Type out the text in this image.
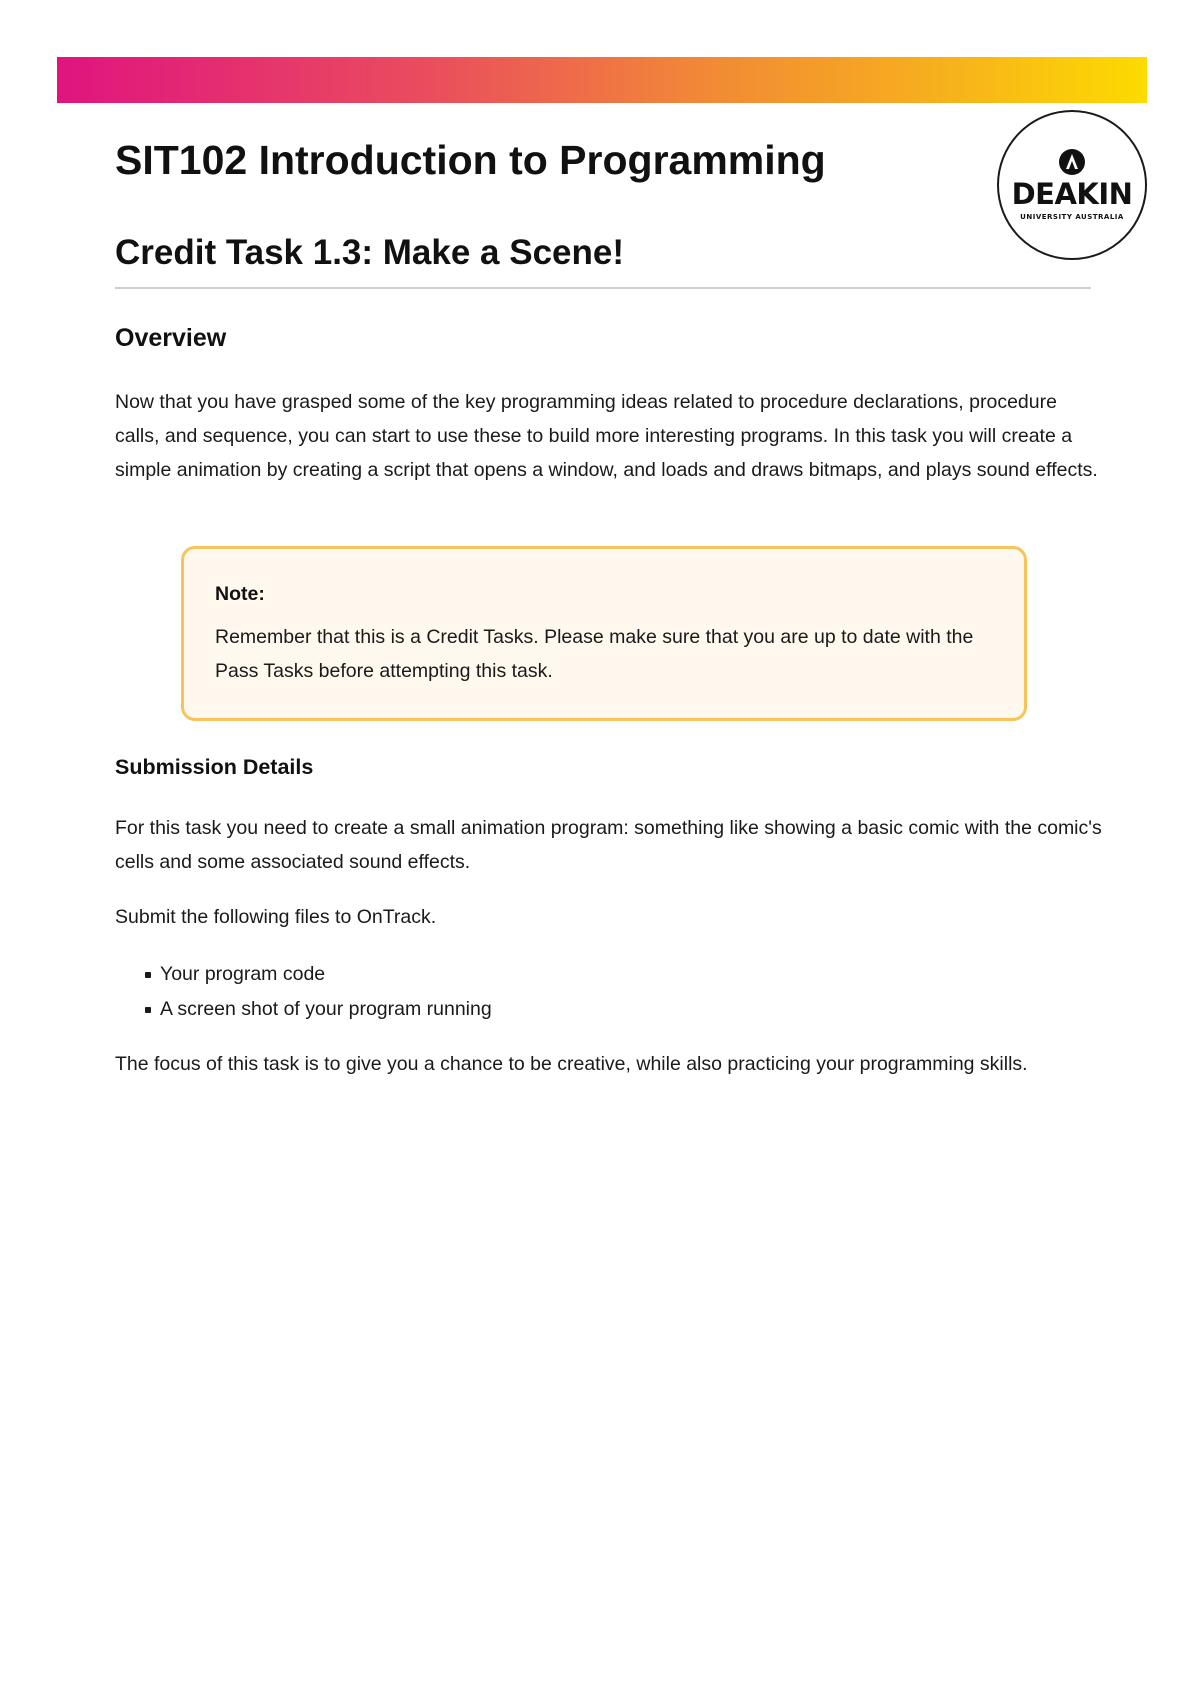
DEAKIN
UNIVERSITY AUSTRALIA
SIT102 Introduction to Programming
Credit Task 1.3: Make a Scene!
Overview

Now that you have grasped some of the key programming ideas related to procedure declarations, procedure calls, and sequence, you can start to use these to build more interesting programs. In this task you will create a simple animation by creating a script that opens a window, and loads and draws bitmaps, and plays sound effects.

Note:

Remember that this is a Credit Tasks. Please make sure that you are up to date with the Pass Tasks before attempting this task.

Submission Details

For this task you need to create a small animation program: something like showing a basic comic with the comic's cells and some associated sound effects.

Submit the following files to OnTrack.

Your program code
A screen shot of your program running

The focus of this task is to give you a chance to be creative, while also practicing your programming skills.
